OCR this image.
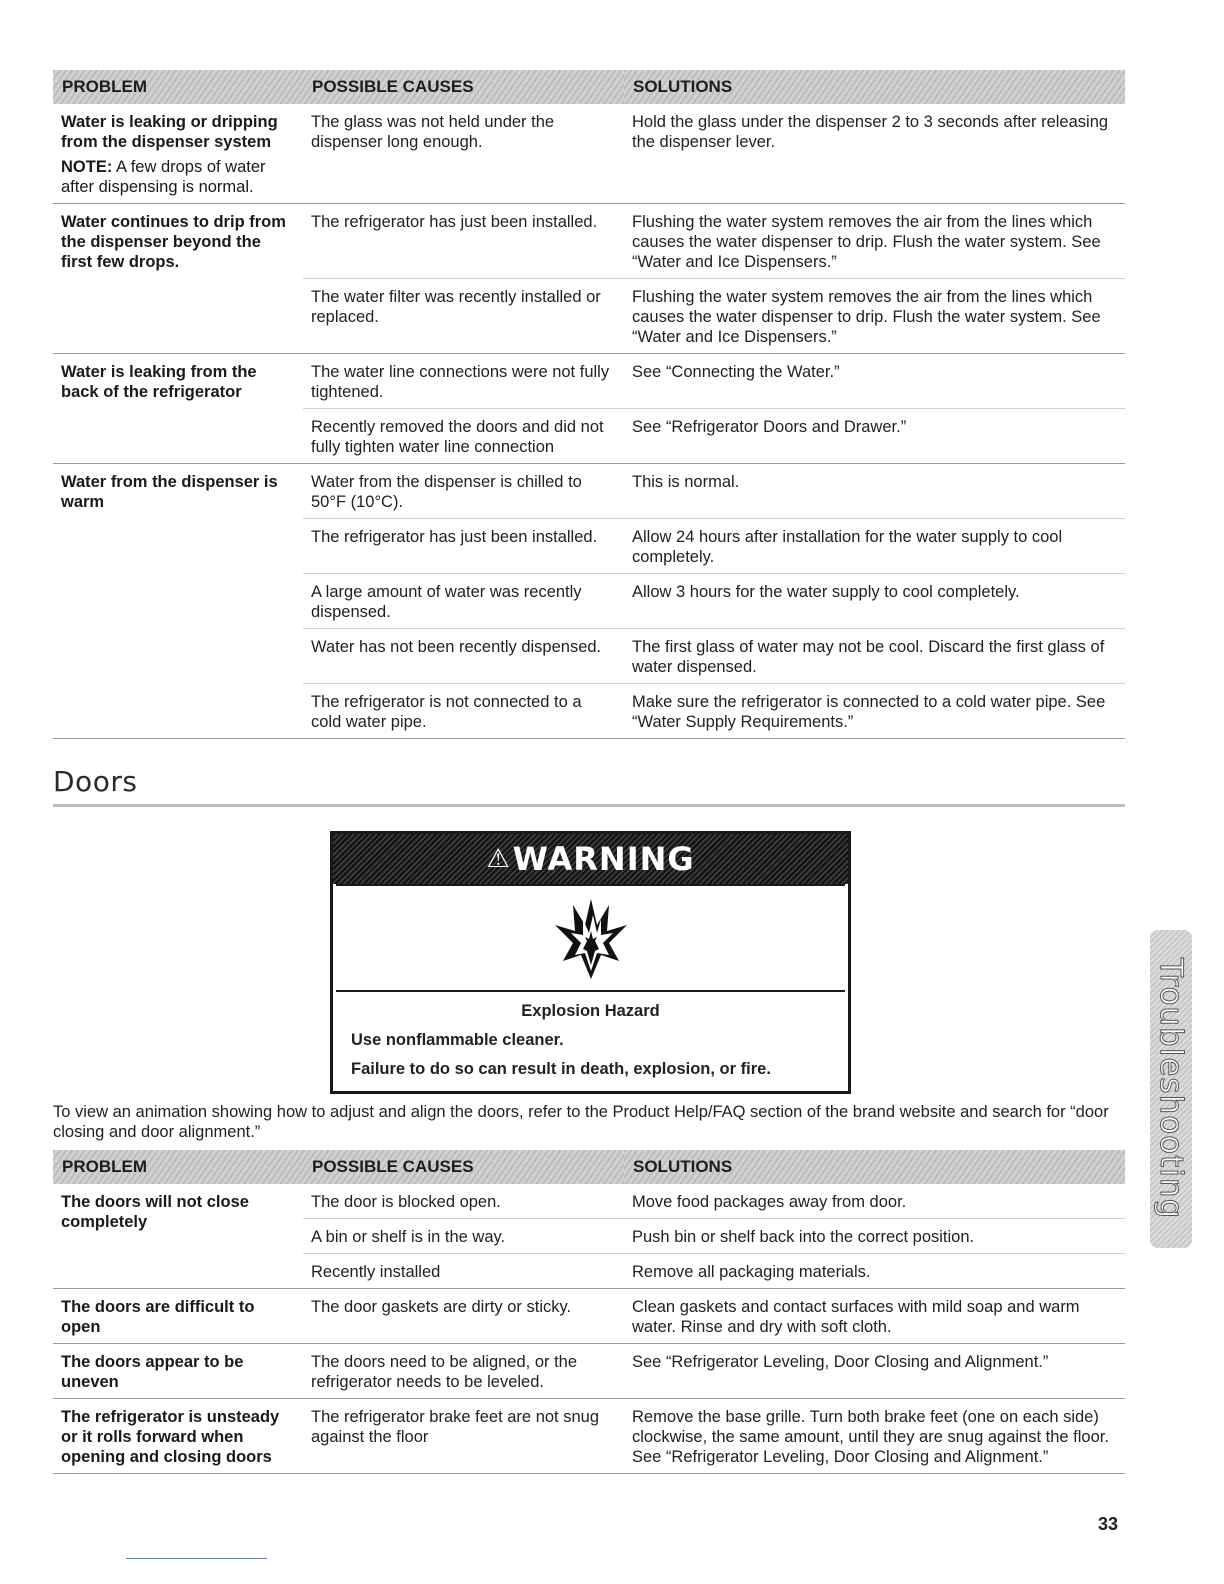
PROBLEM	POSSIBLE CAUSES	SOLUTIONS

Water is leaking or dripping from the dispenser system
NOTE: A few drops of water after dispensing is normal.	The glass was not held under the dispenser long enough.	Hold the glass under the dispenser 2 to 3 seconds after releasing the dispenser lever.
Water continues to drip from the dispenser beyond the first few drops.	The refrigerator has just been installed.	Flushing the water system removes the air from the lines which causes the water dispenser to drip. Flush the water system. See “Water and Ice Dispensers.”
	The water filter was recently installed or replaced.	Flushing the water system removes the air from the lines which causes the water dispenser to drip. Flush the water system. See “Water and Ice Dispensers.”
Water is leaking from the back of the refrigerator	The water line connections were not fully tightened.	See “Connecting the Water.”
	Recently removed the doors and did not fully tighten water line connection	See “Refrigerator Doors and Drawer.”
Water from the dispenser is warm	Water from the dispenser is chilled to 50°F (10°C).	This is normal.
	The refrigerator has just been installed.	Allow 24 hours after installation for the water supply to cool completely.
	A large amount of water was recently dispensed.	Allow 3 hours for the water supply to cool completely.
	Water has not been recently dispensed.	The first glass of water may not be cool. Discard the first glass of water dispensed.
	The refrigerator is not connected to a cold water pipe.	Make sure the refrigerator is connected to a cold water pipe. See “Water Supply Requirements.”
Doors
⚠ WARNING
Explosion Hazard

Use nonflammable cleaner.

Failure to do so can result in death, explosion, or fire.

To view an animation showing how to adjust and align the doors, refer to the Product Help/FAQ section of the brand website and search for “door closing and door alignment.”
PROBLEM	POSSIBLE CAUSES	SOLUTIONS
The doors will not close completely	The door is blocked open.	Move food packages away from door.
	A bin or shelf is in the way.	Push bin or shelf back into the correct position.
	Recently installed	Remove all packaging materials.
The doors are difficult to open	The door gaskets are dirty or sticky.	Clean gaskets and contact surfaces with mild soap and warm water. Rinse and dry with soft cloth.
The doors appear to be uneven	The doors need to be aligned, or the refrigerator needs to be leveled.	See “Refrigerator Leveling, Door Closing and Alignment.”
The refrigerator is unsteady or it rolls forward when opening and closing doors	The refrigerator brake feet are not snug against the floor	Remove the base grille. Turn both brake feet (one on each side) clockwise, the same amount, until they are snug against the floor. See “Refrigerator Leveling, Door Closing and Alignment.”
Troubleshooting
33
